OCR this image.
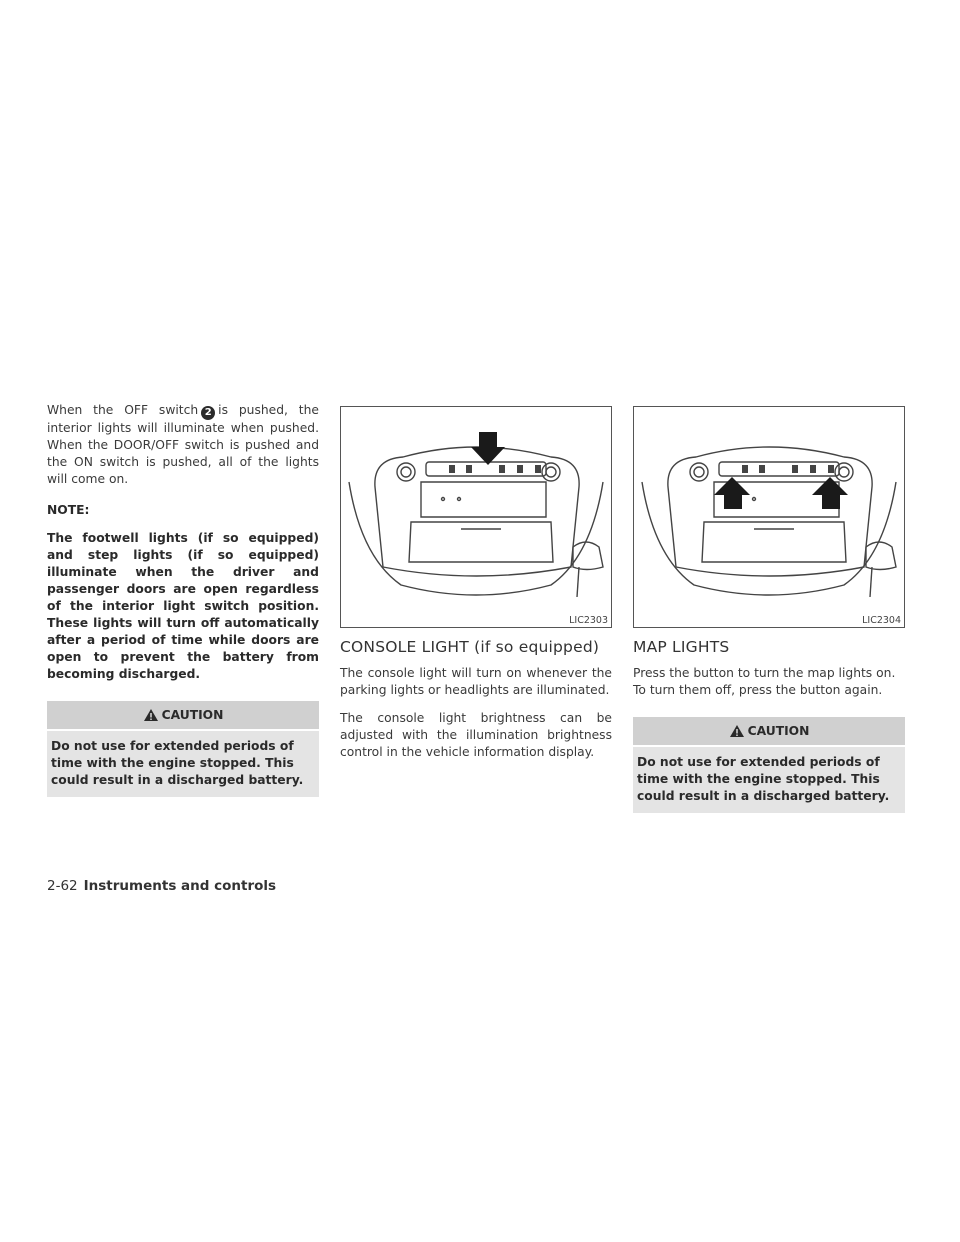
When the OFF switch 2 is pushed, the interior lights will illuminate when pushed. When the DOOR/OFF switch is pushed and the ON switch is pushed, all of the lights will come on.

NOTE:

The footwell lights (if so equipped) and step lights (if so equipped) illuminate when the driver and passenger doors are open regardless of the interior light switch position. These lights will turn off automatically after a period of time while doors are open to prevent the battery from becoming discharged.

CAUTION
Do not use for extended periods of time with the engine stopped. This could result in a discharged battery.
LIC2303
CONSOLE LIGHT (if so equipped)

The console light will turn on whenever the parking lights or headlights are illuminated.

The console light brightness can be adjusted with the illumination brightness control in the vehicle information display.

LIC2304
MAP LIGHTS

Press the button to turn the map lights on. To turn them off, press the button again.

CAUTION
Do not use for extended periods of time with the engine stopped. This could result in a discharged battery.
2-62 Instruments and controls
